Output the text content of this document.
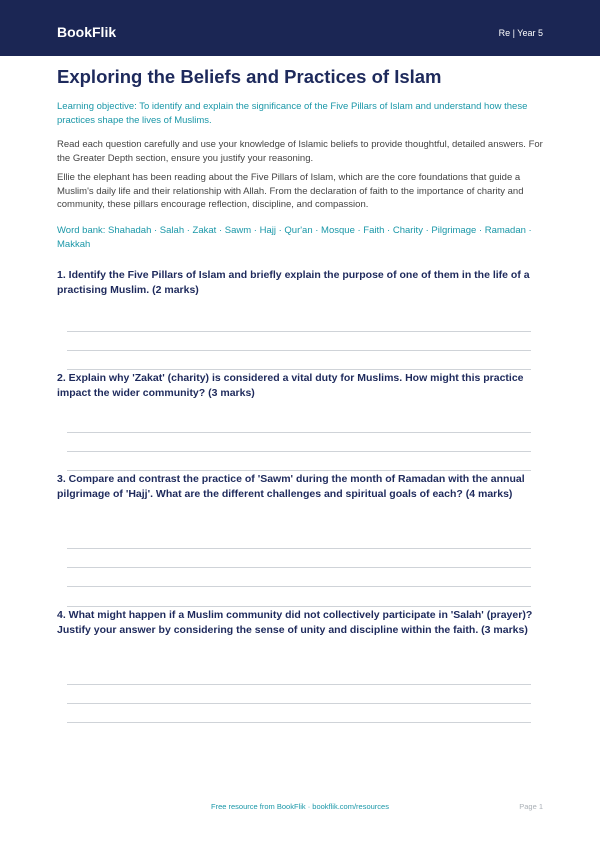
BookFlik	Re | Year 5
Exploring the Beliefs and Practices of Islam
Learning objective: To identify and explain the significance of the Five Pillars of Islam and understand how these practices shape the lives of Muslims.
Read each question carefully and use your knowledge of Islamic beliefs to provide thoughtful, detailed answers. For the Greater Depth section, ensure you justify your reasoning.
Ellie the elephant has been reading about the Five Pillars of Islam, which are the core foundations that guide a Muslim's daily life and their relationship with Allah. From the declaration of faith to the importance of charity and community, these pillars encourage reflection, discipline, and compassion.
Word bank: Shahadah · Salah · Zakat · Sawm · Hajj · Qur'an · Mosque · Faith · Charity · Pilgrimage · Ramadan · Makkah
1. Identify the Five Pillars of Islam and briefly explain the purpose of one of them in the life of a practising Muslim. (2 marks)
2. Explain why 'Zakat' (charity) is considered a vital duty for Muslims. How might this practice impact the wider community? (3 marks)
3. Compare and contrast the practice of 'Sawm' during the month of Ramadan with the annual pilgrimage of 'Hajj'. What are the different challenges and spiritual goals of each? (4 marks)
4. What might happen if a Muslim community did not collectively participate in 'Salah' (prayer)? Justify your answer by considering the sense of unity and discipline within the faith. (3 marks)
Free resource from BookFlik · bookflik.com/resources	Page 1
